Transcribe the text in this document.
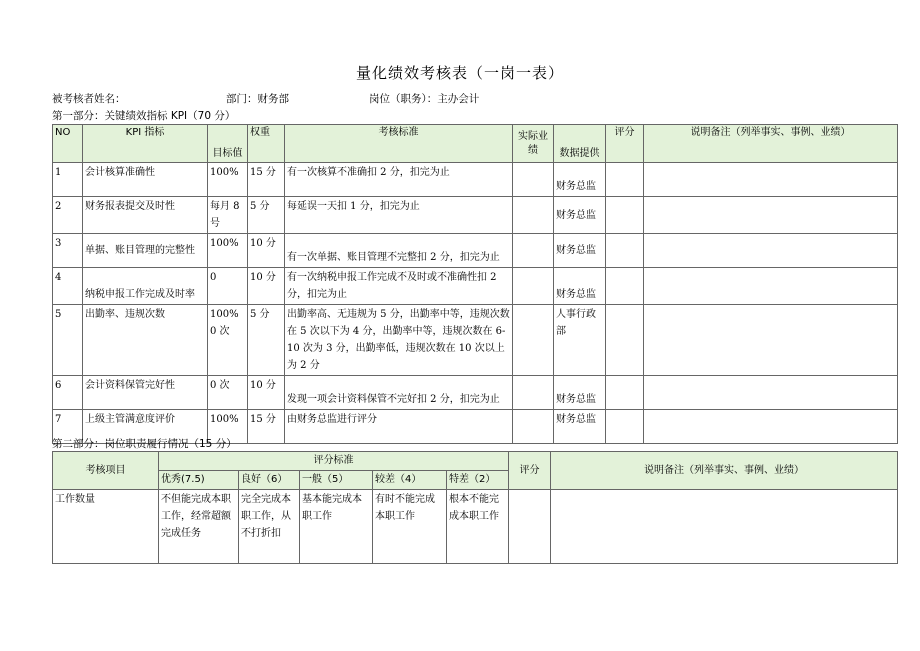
量化绩效考核表（一岗一表）
被考核者姓名：	部门：财务部	岗位（职务）：主办会计
第一部分：关键绩效指标 KPI（70 分）
NO	KPI 指标	目标值	权重	考核标准	实际业绩	数据提供	评分	说明备注（列举事实、事例、业绩）
1	会计核算准确性	100%	15 分	有一次核算不准确扣 2 分，扣完为止		财务总监		
2	财务报表提交及时性	每月 8 号	5 分	每延误一天扣 1 分，扣完为止		财务总监		
3	单据、账目管理的完整性	100%	10 分	有一次单据、账目管理不完整扣 2 分，扣完为止		财务总监		
4	纳税申报工作完成及时率	0	10 分	有一次纳税申报工作完成不及时或不准确性扣 2 分，扣完为止		财务总监		
5	出勤率、违规次数	100% 0 次	5 分	出勤率高、无违规为 5 分，出勤率中等，违规次数在 5 次以下为 4 分，出勤率中等，违规次数在 6-10 次为 3 分，出勤率低，违规次数在 10 次以上为 2 分		人事行政部		
6	会计资料保管完好性	0 次	10 分	发现一项会计资料保管不完好扣 2 分，扣完为止		财务总监		
7	上级主管满意度评价	100%	15 分	由财务总监进行评分		财务总监		
第二部分：岗位职责履行情况（15 分）
考核项目	评分标准					评分	说明备注（列举事实、事例、业绩）
	优秀(7.5)	良好（6）	一般（5）	较差（4）	特差（2）		
工作数量	不但能完成本职工作，经常超额完成任务	完全完成本职工作，从不打折扣	基本能完成本职工作	有时不能完成本职工作	根本不能完成本职工作		
